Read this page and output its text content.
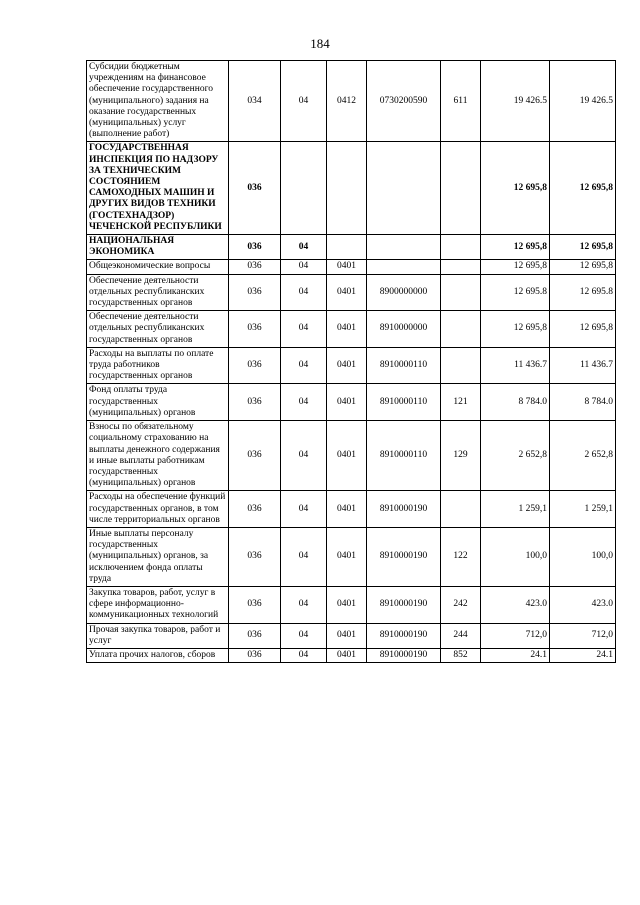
184
Субсидии бюджетным учреждениям на финансовое обеспечение государственного (муниципального) задания на оказание государственных (муниципальных) услуг (выполнение работ)	034	04	0412	0730200590	611	19 426.5	19 426.5
ГОСУДАРСТВЕННАЯ ИНСПЕКЦИЯ ПО НАДЗОРУ ЗА ТЕХНИЧЕСКИМ СОСТОЯНИЕМ САМОХОДНЫХ МАШИН И ДРУГИХ ВИДОВ ТЕХНИКИ (ГОСТЕХНАДЗОР) ЧЕЧЕНСКОЙ РЕСПУБЛИКИ	036					12 695,8	12 695,8
НАЦИОНАЛЬНАЯ ЭКОНОМИКА	036	04				12 695,8	12 695,8
Общеэкономические вопросы	036	04	0401			12 695,8	12 695,8
Обеспечение деятельности отдельных республиканских государственных органов	036	04	0401	8900000000		12 695.8	12 695.8
Обеспечение деятельности отдельных республиканских государственных органов	036	04	0401	8910000000		12 695,8	12 695,8
Расходы на выплаты по оплате труда работников государственных органов	036	04	0401	8910000110		11 436.7	11 436.7
Фонд оплаты труда государственных (муниципальных) органов	036	04	0401	8910000110	121	8 784.0	8 784.0
Взносы по обязательному социальному страхованию на выплаты денежного содержания и иные выплаты работникам государственных (муниципальных) органов	036	04	0401	8910000110	129	2 652,8	2 652,8
Расходы на обеспечение функций государственных органов, в том числе территориальных органов	036	04	0401	8910000190		1 259,1	1 259,1
Иные выплаты персоналу государственных (муниципальных) органов, за исключением фонда оплаты труда	036	04	0401	8910000190	122	100,0	100,0
Закупка товаров, работ, услуг в сфере информационно-коммуникационных технологий	036	04	0401	8910000190	242	423.0	423.0
Прочая закупка товаров, работ и услуг	036	04	0401	8910000190	244	712,0	712,0
Уплата прочих налогов, сборов	036	04	0401	8910000190	852	24.1	24.1
